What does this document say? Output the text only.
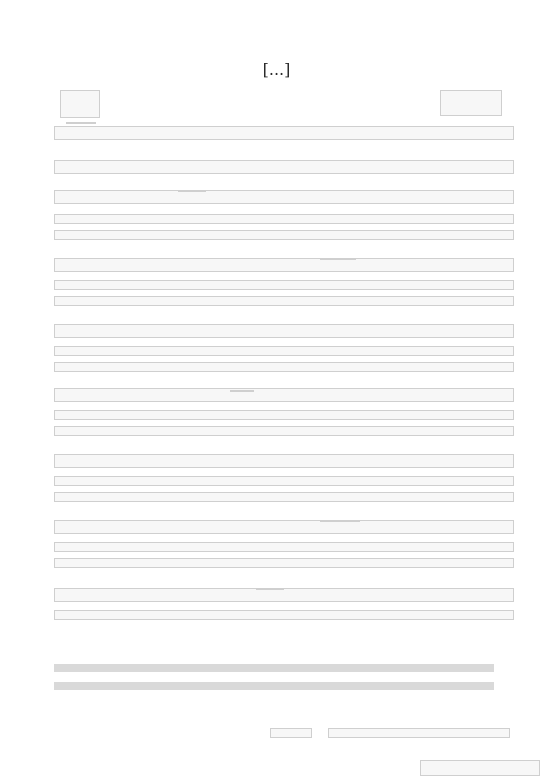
[...]
